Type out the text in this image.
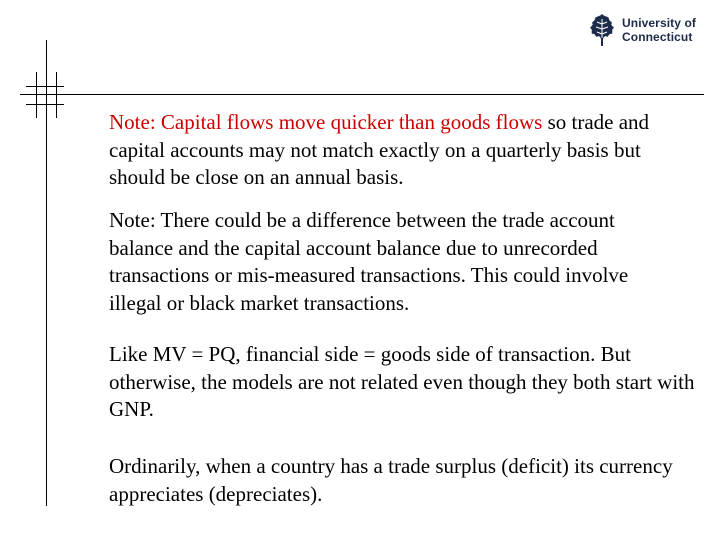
University of
Connecticut

Note: Capital flows move quicker than goods flows so trade and capital accounts may not match exactly on a quarterly basis but should be close on an annual basis.

Note: There could be a difference between the trade account balance and the capital account balance due to unrecorded transactions or mis-measured transactions. This could involve illegal or black market transactions.

Like MV = PQ, financial side = goods side of transaction. But otherwise, the models are not related even though they both start with GNP.

Ordinarily, when a country has a trade surplus (deficit) its currency appreciates (depreciates).
